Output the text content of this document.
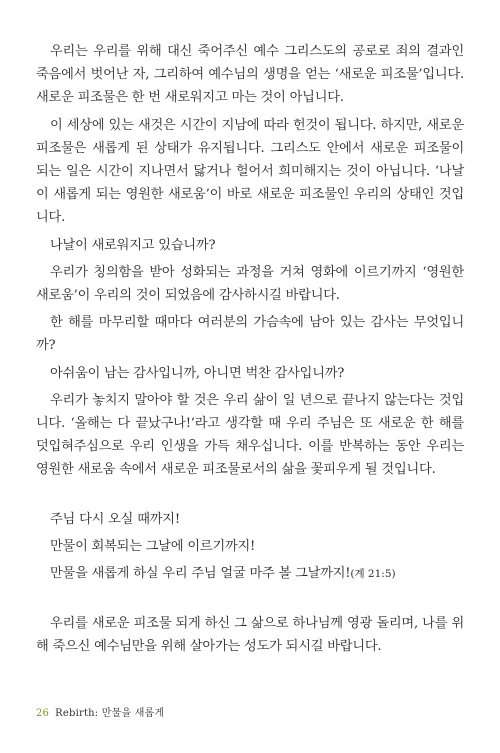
우리는 우리를 위해 대신 죽어주신 예수 그리스도의 공로로 죄의 결과인 죽음에서 벗어난 자, 그리하여 예수님의 생명을 얻는 ‘새로운 피조물’입니다. 새로운 피조물은 한 번 새로워지고 마는 것이 아닙니다.

이 세상에 있는 새것은 시간이 지남에 따라 헌것이 됩니다. 하지만, 새로운 피조물은 새롭게 된 상태가 유지됩니다. 그리스도 안에서 새로운 피조물이 되는 일은 시간이 지나면서 닳거나 헐어서 희미해지는 것이 아닙니다. ‘나날이 새롭게 되는 영원한 새로움’이 바로 새로운 피조물인 우리의 상태인 것입니다.

나날이 새로워지고 있습니까?

우리가 칭의함을 받아 성화되는 과정을 거쳐 영화에 이르기까지 ‘영원한 새로움’이 우리의 것이 되었음에 감사하시길 바랍니다.

한 해를 마무리할 때마다 여러분의 가슴속에 남아 있는 감사는 무엇입니까?

아쉬움이 남는 감사입니까, 아니면 벅찬 감사입니까?

우리가 놓치지 말아야 할 것은 우리 삶이 일 년으로 끝나지 않는다는 것입니다. ‘올해는 다 끝났구나!’라고 생각할 때 우리 주님은 또 새로운 한 해를 덧입혀주심으로 우리 인생을 가득 채우십니다. 이를 반복하는 동안 우리는 영원한 새로움 속에서 새로운 피조물로서의 삶을 꽃피우게 될 것입니다.

주님 다시 오실 때까지!

만물이 회복되는 그날에 이르기까지!

만물을 새롭게 하실 우리 주님 얼굴 마주 볼 그날까지!(계 21:5)

우리를 새로운 피조물 되게 하신 그 삶으로 하나님께 영광 돌리며, 나를 위해 죽으신 예수님만을 위해 살아가는 성도가 되시길 바랍니다.

26 Rebirth: 만물을 새롭게
